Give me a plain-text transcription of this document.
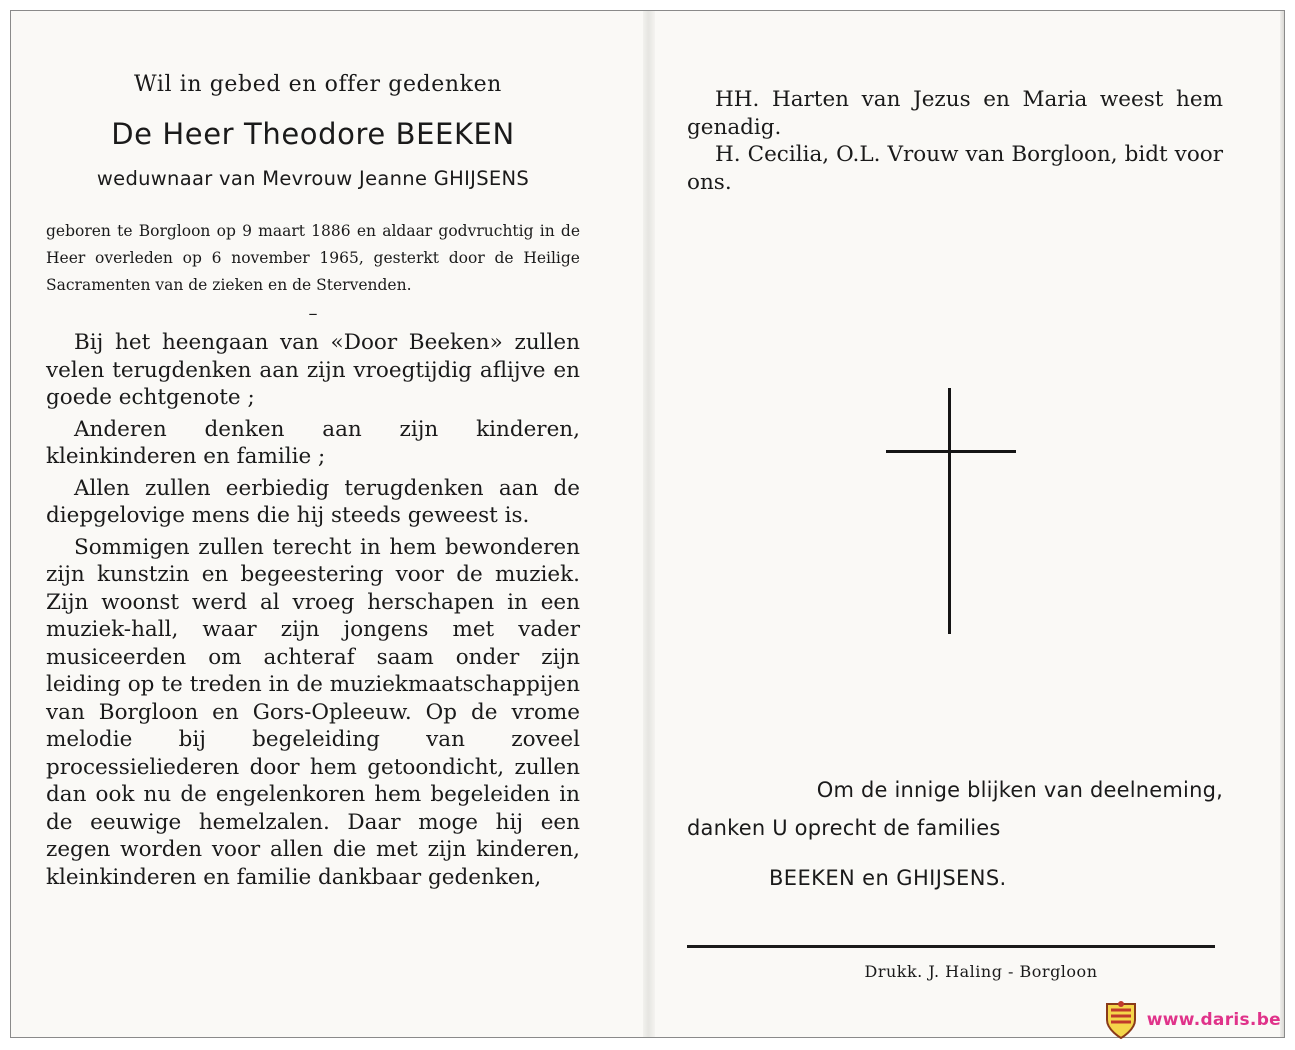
Wil in gebed en offer gedenken
De Heer Theodore BEEKEN
weduwnaar van Mevrouw Jeanne GHIJSENS
geboren te Borgloon op 9 maart 1886 en aldaar godvruchtig in de Heer overleden op 6 november 1965, gesterkt door de Heilige Sacramenten van de zieken en de Stervenden.
–

Bij het heengaan van «Door Beeken» zullen velen terugdenken aan zijn vroegtijdig aflijve en goede echtgenote ;

Anderen denken aan zijn kinderen, kleinkinderen en familie ;

Allen zullen eerbiedig terugdenken aan de diepgelovige mens die hij steeds geweest is.

Sommigen zullen terecht in hem bewonderen zijn kunstzin en begeestering voor de muziek. Zijn woonst werd al vroeg herschapen in een muziek-hall, waar zijn jongens met vader musiceerden om achteraf saam onder zijn leiding op te treden in de muziekmaatschappijen van Borgloon en Gors-Opleeuw. Op de vrome melodie bij begeleiding van zoveel processieliederen door hem getoondicht, zullen dan ook nu de engelenkoren hem begeleiden in de eeuwige hemelzalen. Daar moge hij een zegen worden voor allen die met zijn kinderen, kleinkinderen en familie dankbaar gedenken,

HH. Harten van Jezus en Maria weest hem genadig.

H. Cecilia, O.L. Vrouw van Borgloon, bidt voor ons.

Om de innige blijken van deelneming,
danken U oprecht de families
BEEKEN en GHIJSENS.
Drukk. J. Haling - Borgloon
www.daris.be
